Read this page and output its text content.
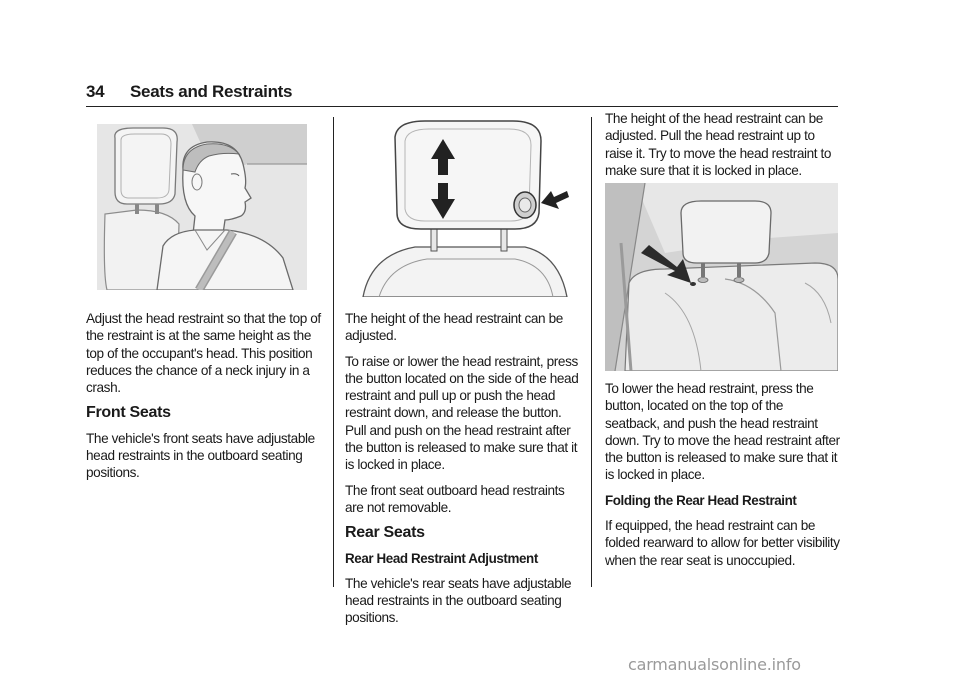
34 Seats and Restraints

Adjust the head restraint so that the top of the restraint is at the same height as the top of the occupant's head. This position reduces the chance of a neck injury in a crash.

Front Seats

The vehicle's front seats have adjustable head restraints in the outboard seating positions.

The height of the head restraint can be adjusted.

To raise or lower the head restraint, press the button located on the side of the head restraint and pull up or push the head restraint down, and release the button. Pull and push on the head restraint after the button is released to make sure that it is locked in place.

The front seat outboard head restraints are not removable.

Rear Seats
Rear Head Restraint Adjustment

The vehicle's rear seats have adjustable head restraints in the outboard seating positions.

The height of the head restraint can be adjusted. Pull the head restraint up to raise it. Try to move the head restraint to make sure that it is locked in place.

To lower the head restraint, press the button, located on the top of the seatback, and push the head restraint down. Try to move the head restraint after the button is released to make sure that it is locked in place.

Folding the Rear Head Restraint

If equipped, the head restraint can be folded rearward to allow for better visibility when the rear seat is unoccupied.

carmanualsonline.info
